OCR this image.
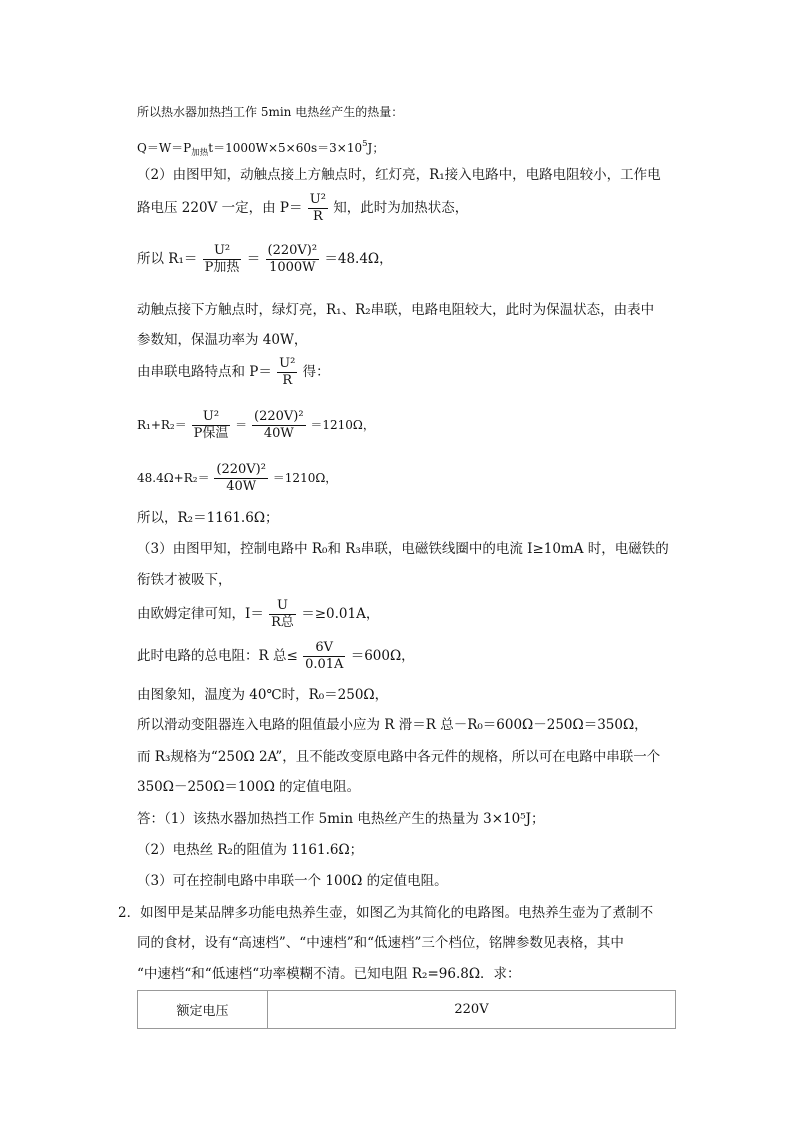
所以热水器加热挡工作 5min 电热丝产生的热量：
$Q=W=P_{加热}t=1000W\times 5\times 60s=3\times 10^5J$；
（2）由图甲知，动触点接上方触点时，红灯亮，R₁接入电路中，电路电阻较小，工作电
路电压 220V 一定，由 $P= \frac{\text{U²}}{R}$ 知，此时为加热状态，
所以 R₁＝
U²
P加热
＝ $\frac{\text{(220V)²}}{1000W} =48.4\Omega$，
动触点接下方触点时，绿灯亮，R₁、R₂串联，电路电阻较大，此时为保温状态，由表中
参数知，保温功率为 40W，
由串联电路特点和 $P= \frac{\text{U²}}{R}$ 得：
R₁+R₂＝
U²
P保温
＝ $\frac{\text{(220V)²}}{40W} =1210\Omega$，
$48.4\Omega+R_2= \frac{\text{(220V)²}}{40W} =1210\Omega$，
所以，R₂＝1161.6Ω；
（3）由图甲知，控制电路中 R₀和 R₃串联，电磁铁线圈中的电流 I≥10mA 时，电磁铁的
衔铁才被吸下，
由欧姆定律可知，I＝
U
R总
＝≥0.01A，
此时电路的总电阻：R 总≤ $\frac{6V}{0.01A} =600\Omega$，
由图象知，温度为 40℃时，R₀＝250Ω，
所以滑动变阻器连入电路的阻值最小应为 R 滑＝R 总－R₀＝600Ω－250Ω＝350Ω，
而 R₃规格为“250Ω 2A”，且不能改变原电路中各元件的规格，所以可在电路中串联一个
350Ω－250Ω＝100Ω 的定值电阻。
答：（1）该热水器加热挡工作 5min 电热丝产生的热量为 3×10⁵J；
（2）电热丝 R₂的阻值为 1161.6Ω；
（3）可在控制电路中串联一个 100Ω 的定值电阻。
2．如图甲是某品牌多功能电热养生壶，如图乙为其简化的电路图。电热养生壶为了煮制不
同的食材，设有“高速档”、“中速档”和“低速档”三个档位，铭牌参数见表格，其中
“中速档“和“低速档“功率模糊不清。已知电阻 R₂=96.8Ω．求：
额定电压	220V
